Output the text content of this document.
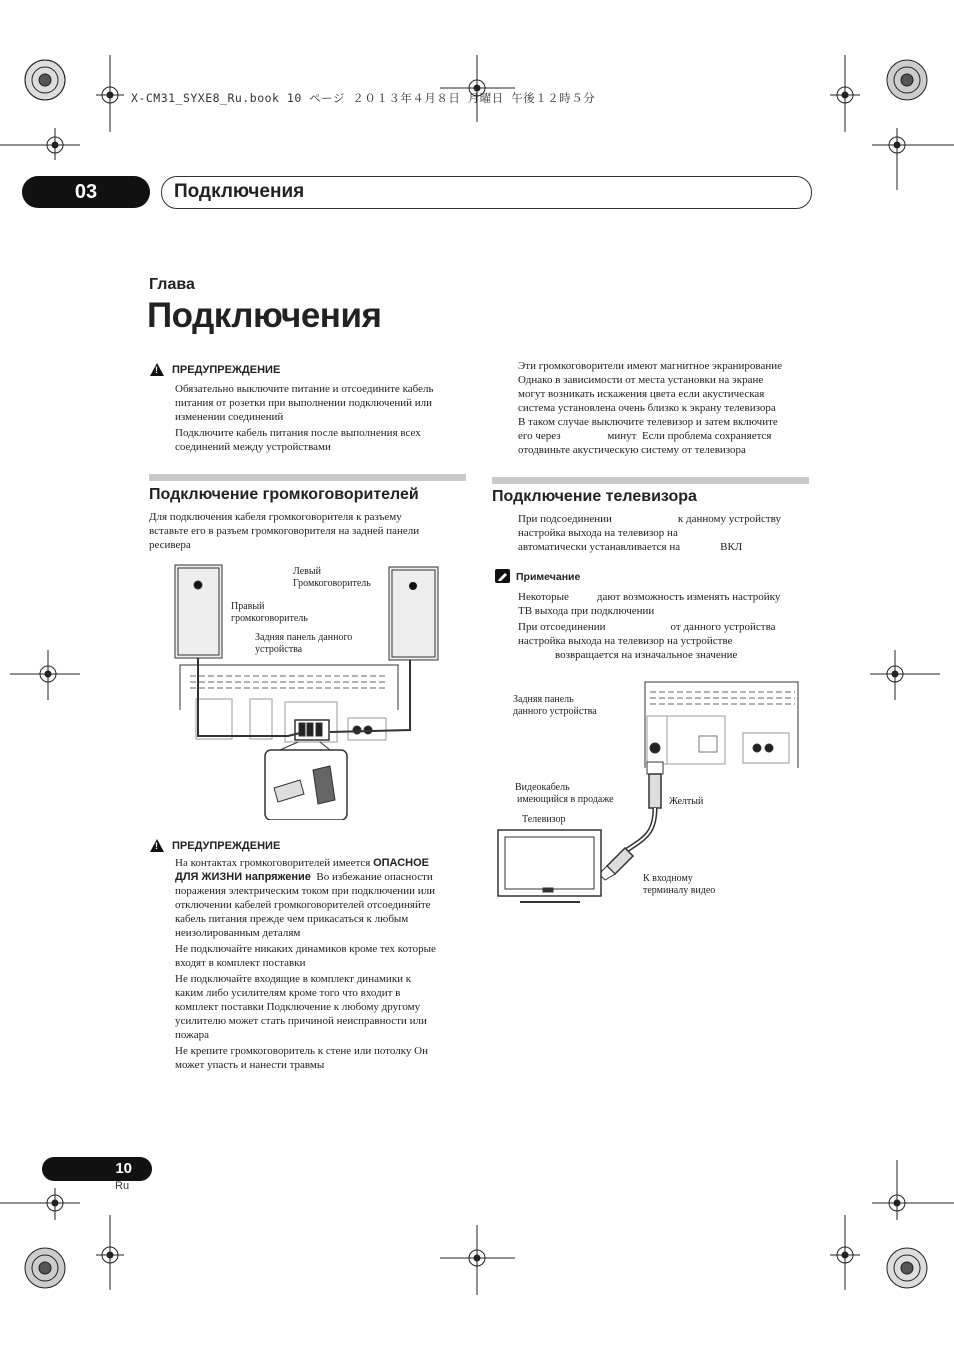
X-CM31_SYXE8_Ru.book 10 ページ ２０１３年４月８日 月曜日 午後１２時５分
03	Подключения
Глава
Подключения
! ПРЕДУПРЕЖДЕНИЕ
Обязательно выключите питание и отсоедините кабель
питания от розетки при выполнении подключений или
изменении соединений
Подключите кабель питания после выполнения всех
соединений между устройствами
Эти громкоговорители имеют магнитное экранирование
Однако в зависимости от места установки на экране
могут возникать искажения цвета если акустическая
система установлена очень близко к экрану телевизора
В таком случае выключите телевизор и затем включите
его через                 минут  Если проблема сохраняется
отодвиньте акустическую систему от телевизора
Подключение громкоговорителей
Для подключения кабеля громкоговорителя к разъему
вставьте его в разъем громкоговорителя на задней панели
ресивера
Левый
Громкоговоритель
Правый
громкоговоритель
Задняя панель данного
устройства
! ПРЕДУПРЕЖДЕНИЕ
На контактах громкоговорителей имеется ОПАСНОЕ
ДЛЯ ЖИЗНИ напряжение  Во избежание опасности
поражения электрическим током при подключении или
отключении кабелей громкоговорителей отсоединяйте
кабель питания прежде чем прикасаться к любым
неизолированным деталям
Не подключайте никаких динамиков кроме тех которые
входят в комплект поставки
Не подключайте входящие в комплект динамики к
каким либо усилителям кроме того что входит в
комплект поставки Подключение к любому другому
усилителю может стать причиной неисправности или
пожара
Не крепите громкоговоритель к стене или потолку Он
может упасть и нанести травмы
Подключение телевизора
При подсоединении	к данному устройству
настройка выхода на телевизор на
автоматически устанавливается на	ВКЛ
Примечание
Некоторые	дают возможность изменять настройку
ТВ выхода при подключении
При отсоединении	от данного устройства
настройка выхода на телевизор на устройстве
возвращается на изначальное значение
Задняя панель
данного устройства
Видеокабель
имеющийся в продаже	Желтый
Телевизор
К входному
терминалу видео
10
Ru
